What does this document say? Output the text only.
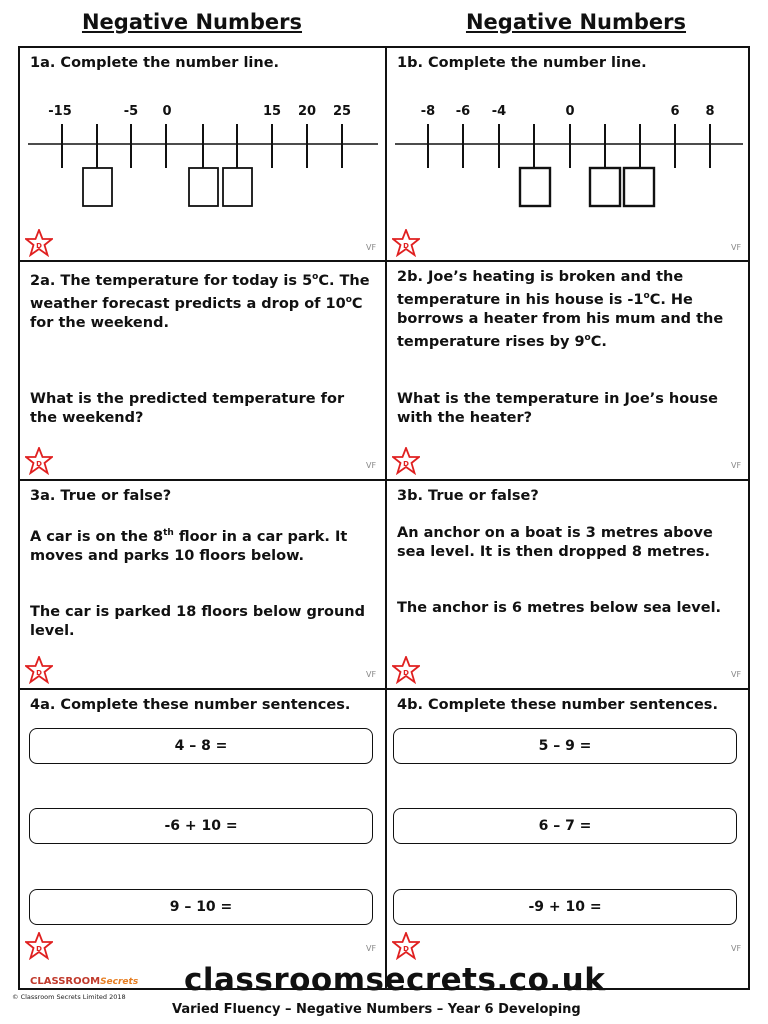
Negative Numbers	Negative Numbers
1a. Complete the number line.
-15	-5 0	15 20 25
1b. Complete the number line.
-8 -6 -4	0	6 8
2a. The temperature for today is 5$^o$C. The
weather forecast predicts a drop of 10$^o$C
for the weekend.
What is the predicted temperature for the weekend?
2b. Joe’s heating is broken and the
temperature in his house is -1$^o$C. He
borrows a heater from his mum and the
temperature rises by 9$^o$C.
What is the temperature in Joe’s house with the heater?
3a. True or false?
A car is on the 8th floor in a car park. It
moves and parks 10 floors below.
The car is parked 18 floors below ground level.
3b. True or false?
An anchor on a boat is 3 metres above sea level. It is then dropped 8 metres.
The anchor is 6 metres below sea level.
4a. Complete these number sentences.
4 – 8 =
-6 + 10 =
9 – 10 =
4b. Complete these number sentences.
5 – 9 =
6 – 7 =
-9 + 10 =
D	VF	D	VF
D	VF	D	VF
D	VF	D	VF
D	VF	D	VF
CLASSROOMSecrets
© Classroom Secrets Limited 2018 classroomsecrets.co.uk
Varied Fluency – Negative Numbers – Year 6 Developing
